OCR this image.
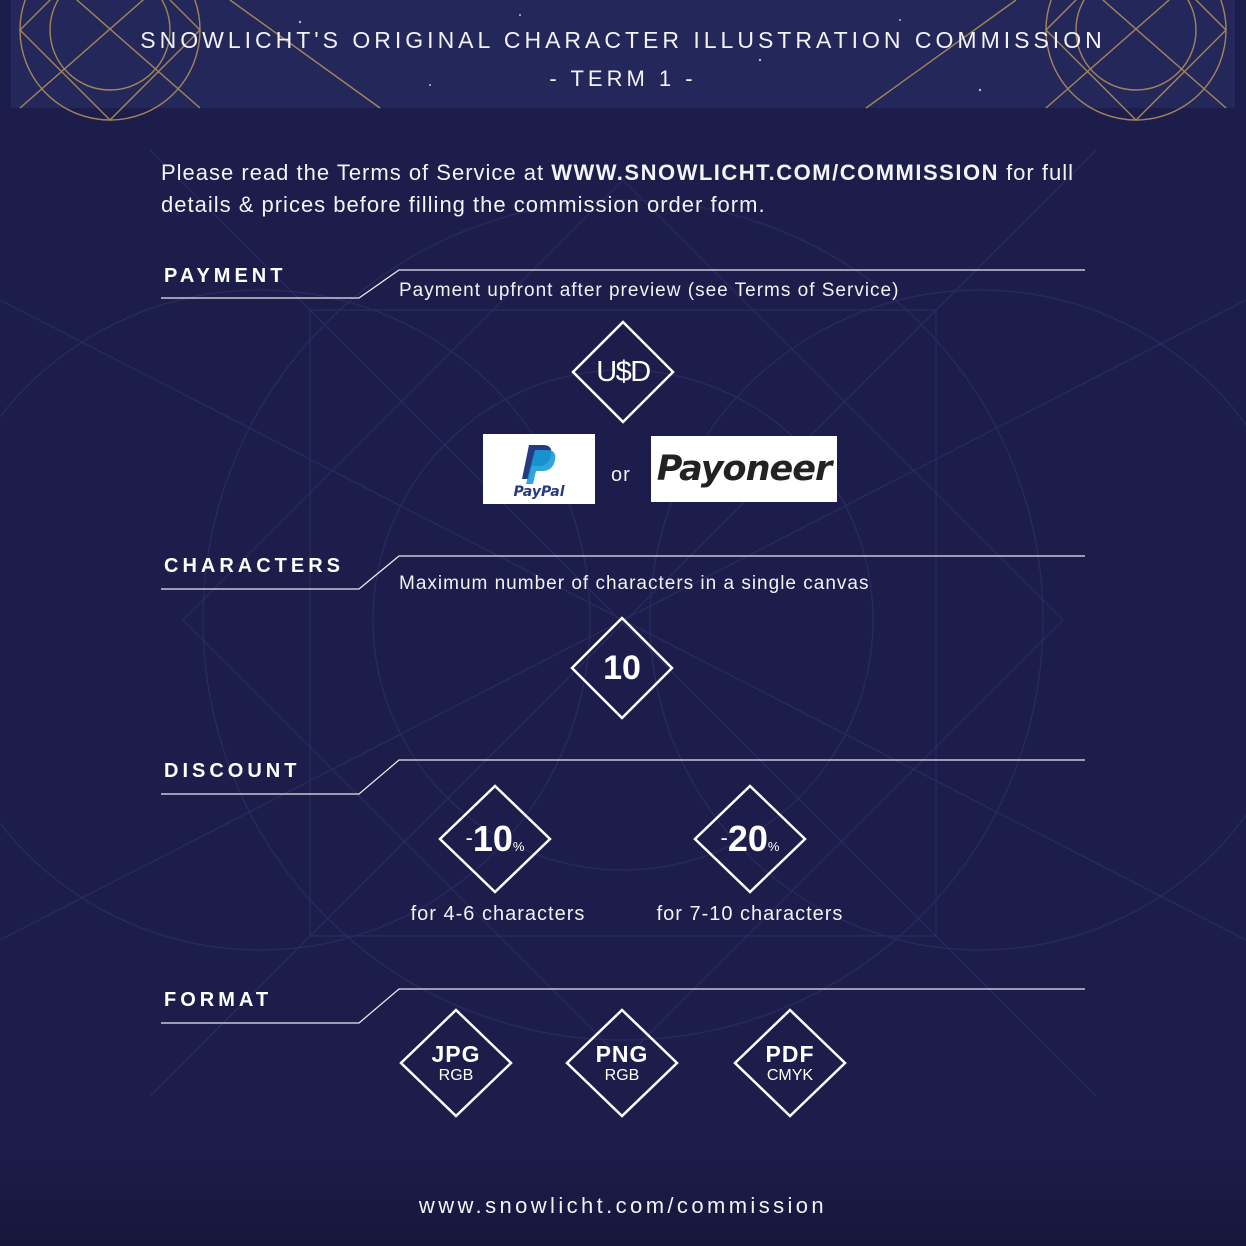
SNOWLICHT'S ORIGINAL CHARACTER ILLUSTRATION COMMISSION
- TERM 1 -
Please read the Terms of Service at WWW.SNOWLICHT.COM/COMMISSION for full details & prices before filling the commission order form.
PAYMENT
Payment upfront after preview (see Terms of Service)
U$D
PayPal
or Payoneer
CHARACTERS
Maximum number of characters in a single canvas
10
DISCOUNT
-10%
for 4-6 characters
-20%
for 7-10 characters
FORMAT
JPG
RGB
PNG
RGB
PDF
CMYK
www.snowlicht.com/commission
